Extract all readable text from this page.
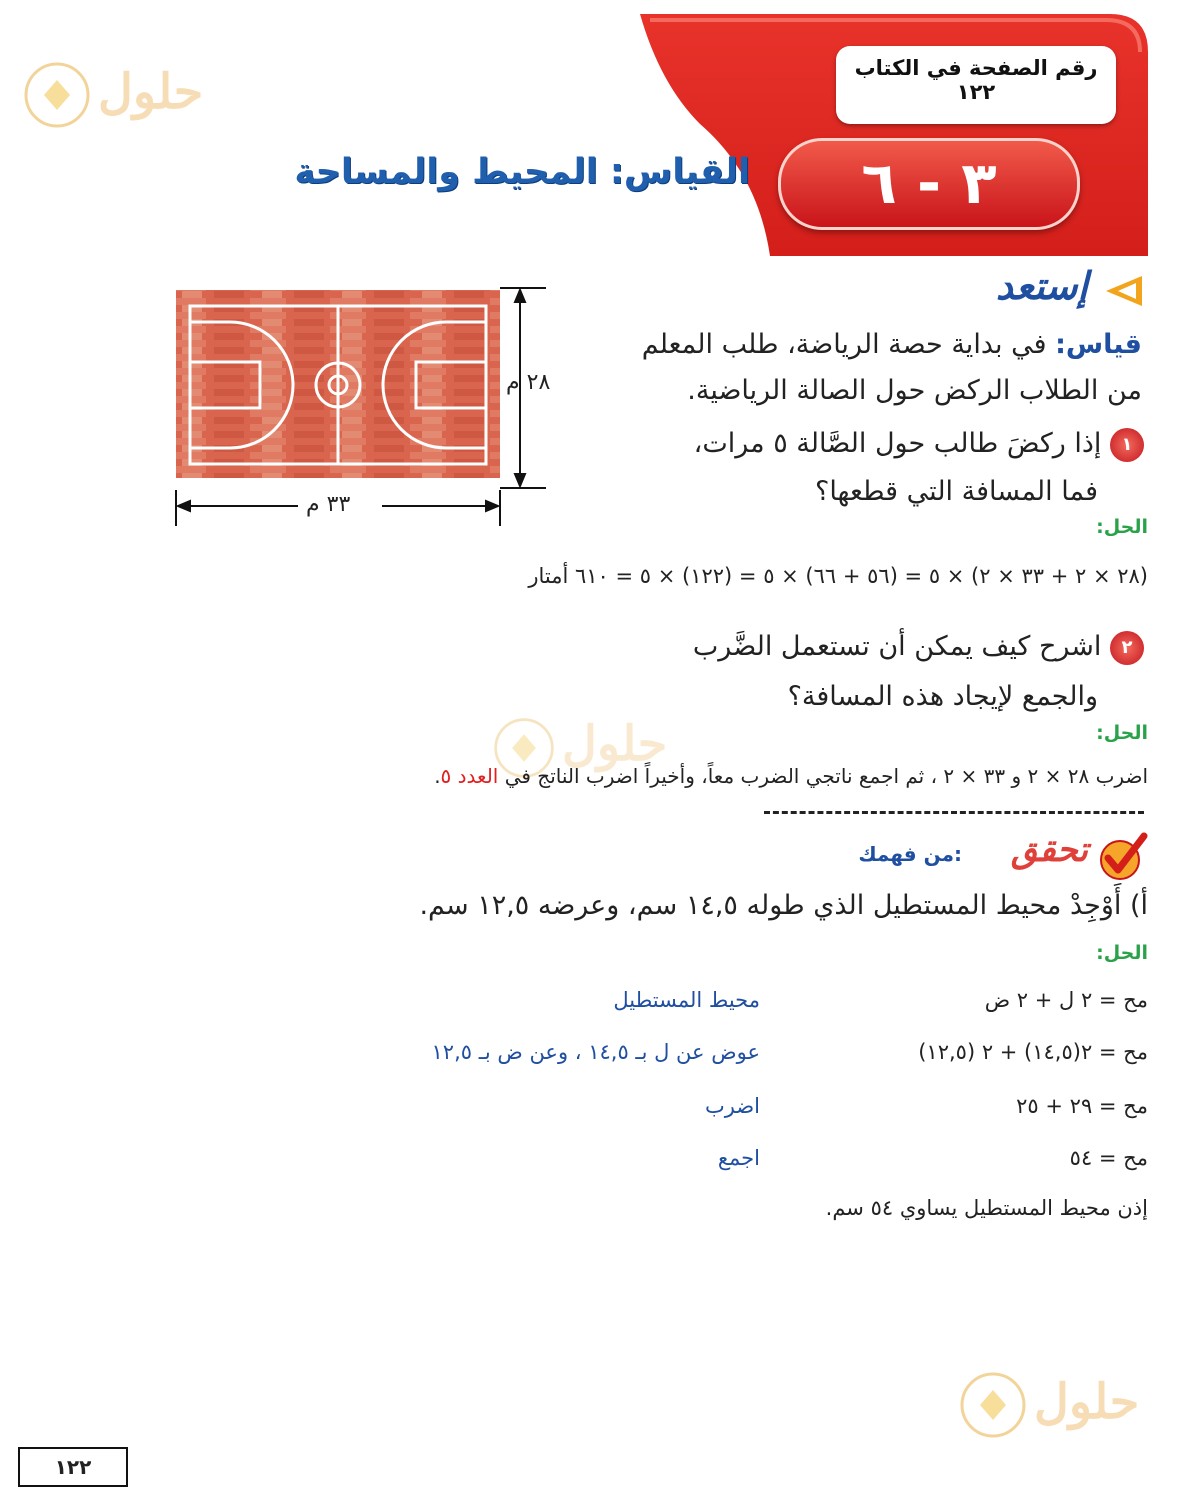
حلول
حلول
حلول
رقم الصفحة في الكتاب
١٢٢
٣ - ٦
القياس: المحيط والمساحة
إستعد
قياس: في بداية حصة الرياضة، طلب المعلم
من الطلاب الركض حول الصالة الرياضية.
٢٨ م
٣٣ م
١ إذا ركضَ طالب حول الصَّالة ٥ مرات،
فما المسافة التي قطعها؟
الحل:
(٢٨ × ٢ + ٣٣ × ٢) × ٥ = (٥٦ + ٦٦) × ٥ = (١٢٢) × ٥ = ٦١٠ أمتار
٢ اشرح كيف يمكن أن تستعمل الضَّرب
والجمع لإيجاد هذه المسافة؟
الحل:
اضرب ٢٨ × ٢ و ٣٣ × ٢ ، ثم اجمع ناتجي الضرب معاً، وأخيراً اضرب الناتج في العدد ٥.
تحقق
من فهمك:
أ) أَوْجِدْ محيط المستطيل الذي طوله ١٤,٥ سم، وعرضه ١٢,٥ سم.
الحل:
مح = ٢ ل + ٢ ض
محيط المستطيل
مح = ٢(١٤,٥) + ٢ (١٢,٥)
عوض عن ل بـ ١٤,٥ ، وعن ض بـ ١٢,٥
مح = ٢٩ + ٢٥
اضرب
مح = ٥٤
اجمع
إذن محيط المستطيل يساوي ٥٤ سم.
١٢٢
